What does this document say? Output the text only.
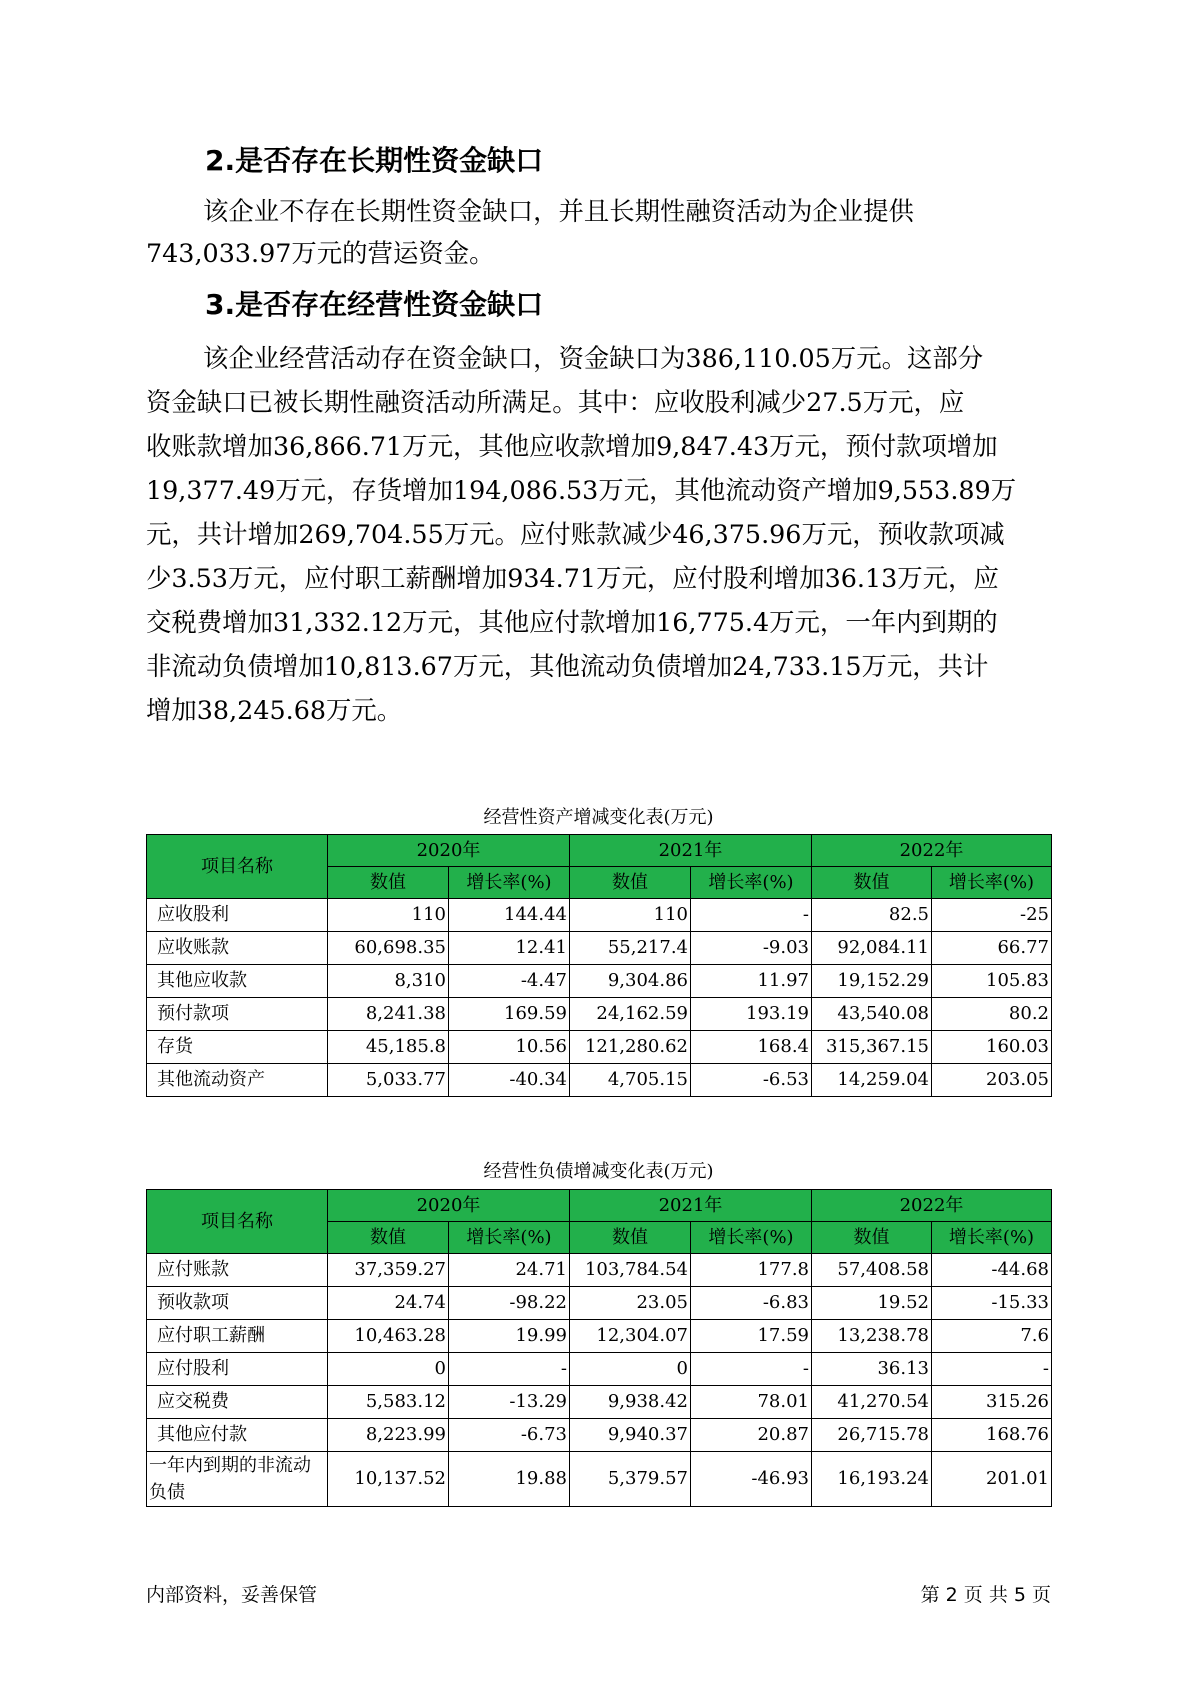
2.是否存在长期性资金缺口
该企业不存在长期性资金缺口，并且长期性融资活动为企业提供
743,033.97万元的营运资金。
3.是否存在经营性资金缺口
该企业经营活动存在资金缺口，资金缺口为386,110.05万元。这部分
资金缺口已被长期性融资活动所满足。其中：应收股利减少27.5万元，应
收账款增加36,866.71万元，其他应收款增加9,847.43万元，预付款项增加
19,377.49万元，存货增加194,086.53万元，其他流动资产增加9,553.89万
元，共计增加269,704.55万元。应付账款减少46,375.96万元，预收款项减
少3.53万元，应付职工薪酬增加934.71万元，应付股利增加36.13万元，应
交税费增加31,332.12万元，其他应付款增加16,775.4万元，一年内到期的
非流动负债增加10,813.67万元，其他流动负债增加24,733.15万元，共计
增加38,245.68万元。
经营性资产增减变化表(万元)
项目名称	2020年		2021年		2022年	
	数值	增长率(%)	数值	增长率(%)	数值	增长率(%)
应收股利	110	144.44	110	-	82.5	-25
应收账款	60,698.35	12.41	55,217.4	-9.03	92,084.11	66.77
其他应收款	8,310	-4.47	9,304.86	11.97	19,152.29	105.83
预付款项	8,241.38	169.59	24,162.59	193.19	43,540.08	80.2
存货	45,185.8	10.56	121,280.62	168.4	315,367.15	160.03
其他流动资产	5,033.77	-40.34	4,705.15	-6.53	14,259.04	203.05
经营性负债增减变化表(万元)
项目名称	2020年		2021年		2022年	
	数值	增长率(%)	数值	增长率(%)	数值	增长率(%)
应付账款	37,359.27	24.71	103,784.54	177.8	57,408.58	-44.68
预收款项	24.74	-98.22	23.05	-6.83	19.52	-15.33
应付职工薪酬	10,463.28	19.99	12,304.07	17.59	13,238.78	7.6
应付股利	0	-	0	-	36.13	-
应交税费	5,583.12	-13.29	9,938.42	78.01	41,270.54	315.26
其他应付款	8,223.99	-6.73	9,940.37	20.87	26,715.78	168.76
一年内到期的非流动负债	10,137.52	19.88	5,379.57	-46.93	16,193.24	201.01
内部资料，妥善保管	第 2 页 共 5 页
